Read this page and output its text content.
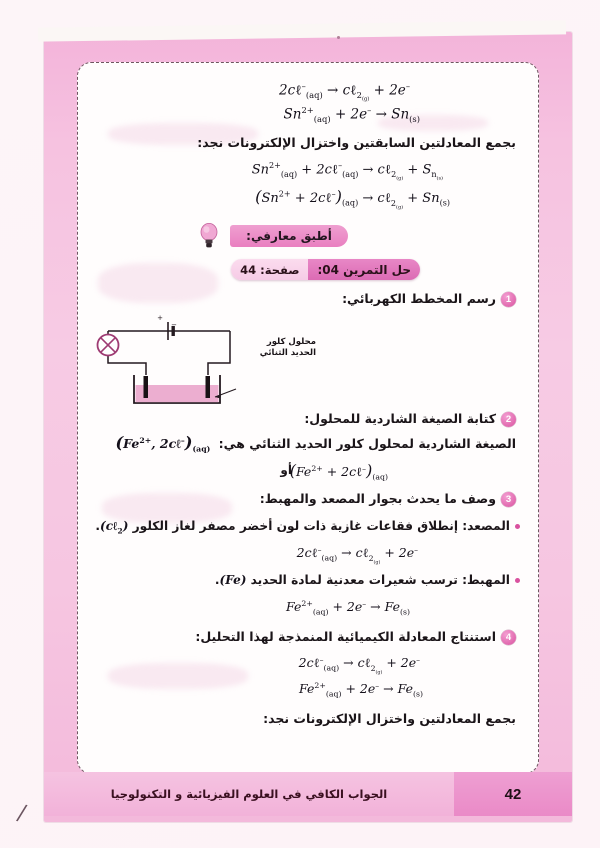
2cℓ–$_{(aq)}$ → cℓ$_{2_{(g)}}$ + 2e–
$Sn^{2+}_{(aq)} + 2e^- \to Sn_{(s)}$
بجمع المعادلتين السابقتين واختزال الإلكترونات نجد:
$Sn^{2+}_{(aq)}$ + 2cℓ–$_{(aq)}$ → cℓ$_{2_{(g)}}$ + $S_{n_{(s)}}$
($Sn^{2+}$ + $2c\ell^-)_{(aq)}$ → cℓ$_{2_{(g)}}$ + $Sn_{(s)}$
أطبق معارفي:
حل التمرين 04:
صفحة: 44
1رسم المخطط الكهربائي:
+
−
محلول كلور
الحديد الثنائي
2كتابة الصيغة الشاردية للمحلول:
الصيغة الشاردية لمحلول كلور الحديد الثنائي هي: ($Fe^{2+}$, $2c\ell^-)_{(aq)}$
($Fe^{2+}$ + $2c\ell^-)_{(aq)}$
أو
3وصف ما يحدث بجوار المصعد والمهبط:
المصعد: إنطلاق فقاعات غازية ذات لون أخضر مصفر لغاز الكلور (cℓ$_2$).
2cℓ–$_{(aq)}$ → cℓ$_{2_{(g)}}$ + 2e–
المهبط: ترسب شعيرات معدنية لمادة الحديد (Fe).
$Fe^{2+}_{(aq)} + 2e^- \to Fe_{(s)}$
4استنتاج المعادلة الكيميائية المنمذجة لهذا التحليل:
2cℓ–$_{(aq)}$ → cℓ$_{2_{(g)}}$ + 2e–
$Fe^{2+}_{(aq)} + 2e^- \to Fe_{(s)}$
بجمع المعادلتين واختزال الإلكترونات نجد:
42
الجواب الكافي في العلوم الفيزيائية و التكنولوجيا
/
